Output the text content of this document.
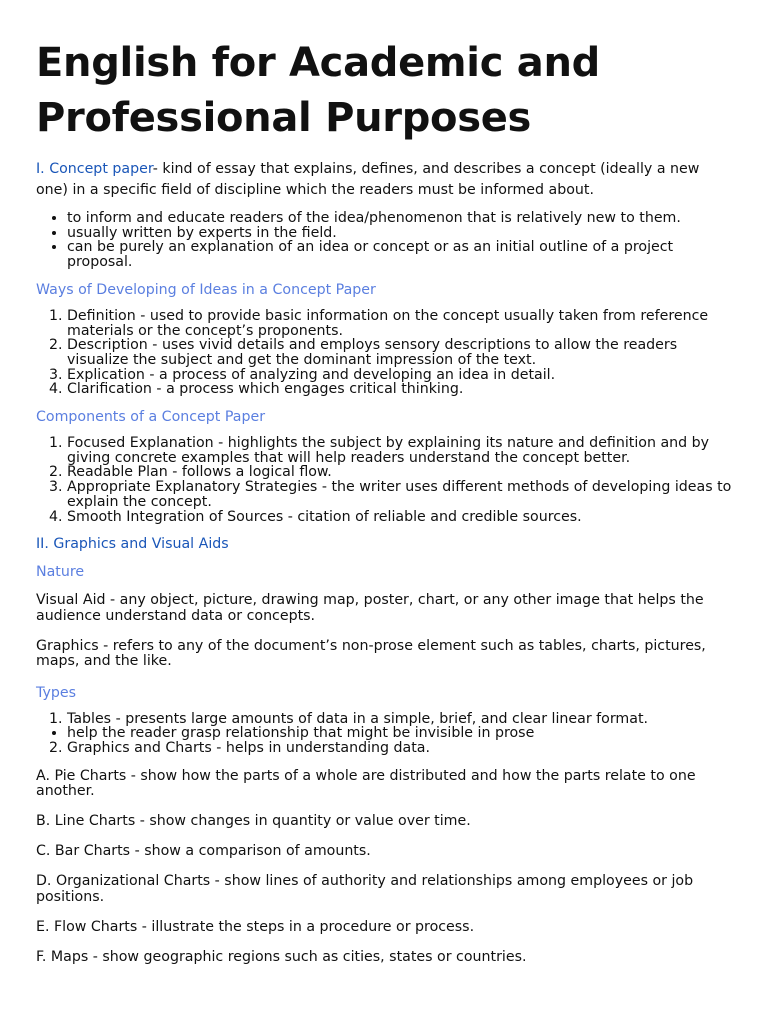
English for Academic and
Professional Purposes

I. Concept paper- kind of essay that explains, defines, and describes a concept (ideally a new one) in a specific field of discipline which the readers must be informed about.

• to inform and educate readers of the idea/phenomenon that is relatively new to them.
• usually written by experts in the field.
• can be purely an explanation of an idea or concept or as an initial outline of a project proposal.
Ways of Developing of Ideas in a Concept Paper
1. Definition - used to provide basic information on the concept usually taken from reference materials or the concept’s proponents.
2. Description - uses vivid details and employs sensory descriptions to allow the readers visualize the subject and get the dominant impression of the text.
3. Explication - a process of analyzing and developing an idea in detail.
4. Clarification - a process which engages critical thinking.
Components of a Concept Paper
1. Focused Explanation - highlights the subject by explaining its nature and definition and by giving concrete examples that will help readers understand the concept better.
2. Readable Plan - follows a logical flow.
3. Appropriate Explanatory Strategies - the writer uses different methods of developing ideas to explain the concept.
4. Smooth Integration of Sources - citation of reliable and credible sources.
II. Graphics and Visual Aids
Nature

Visual Aid - any object, picture, drawing map, poster, chart, or any other image that helps the audience understand data or concepts.

Graphics - refers to any of the document’s non-prose element such as tables, charts, pictures, maps, and the like.

Types
1. Tables - presents large amounts of data in a simple, brief, and clear linear format.
• help the reader grasp relationship that might be invisible in prose
2. Graphics and Charts - helps in understanding data.

A. Pie Charts - show how the parts of a whole are distributed and how the parts relate to one another.

B. Line Charts - show changes in quantity or value over time.

C. Bar Charts - show a comparison of amounts.

D. Organizational Charts - show lines of authority and relationships among employees or job positions.

E. Flow Charts - illustrate the steps in a procedure or process.

F. Maps - show geographic regions such as cities, states or countries.
